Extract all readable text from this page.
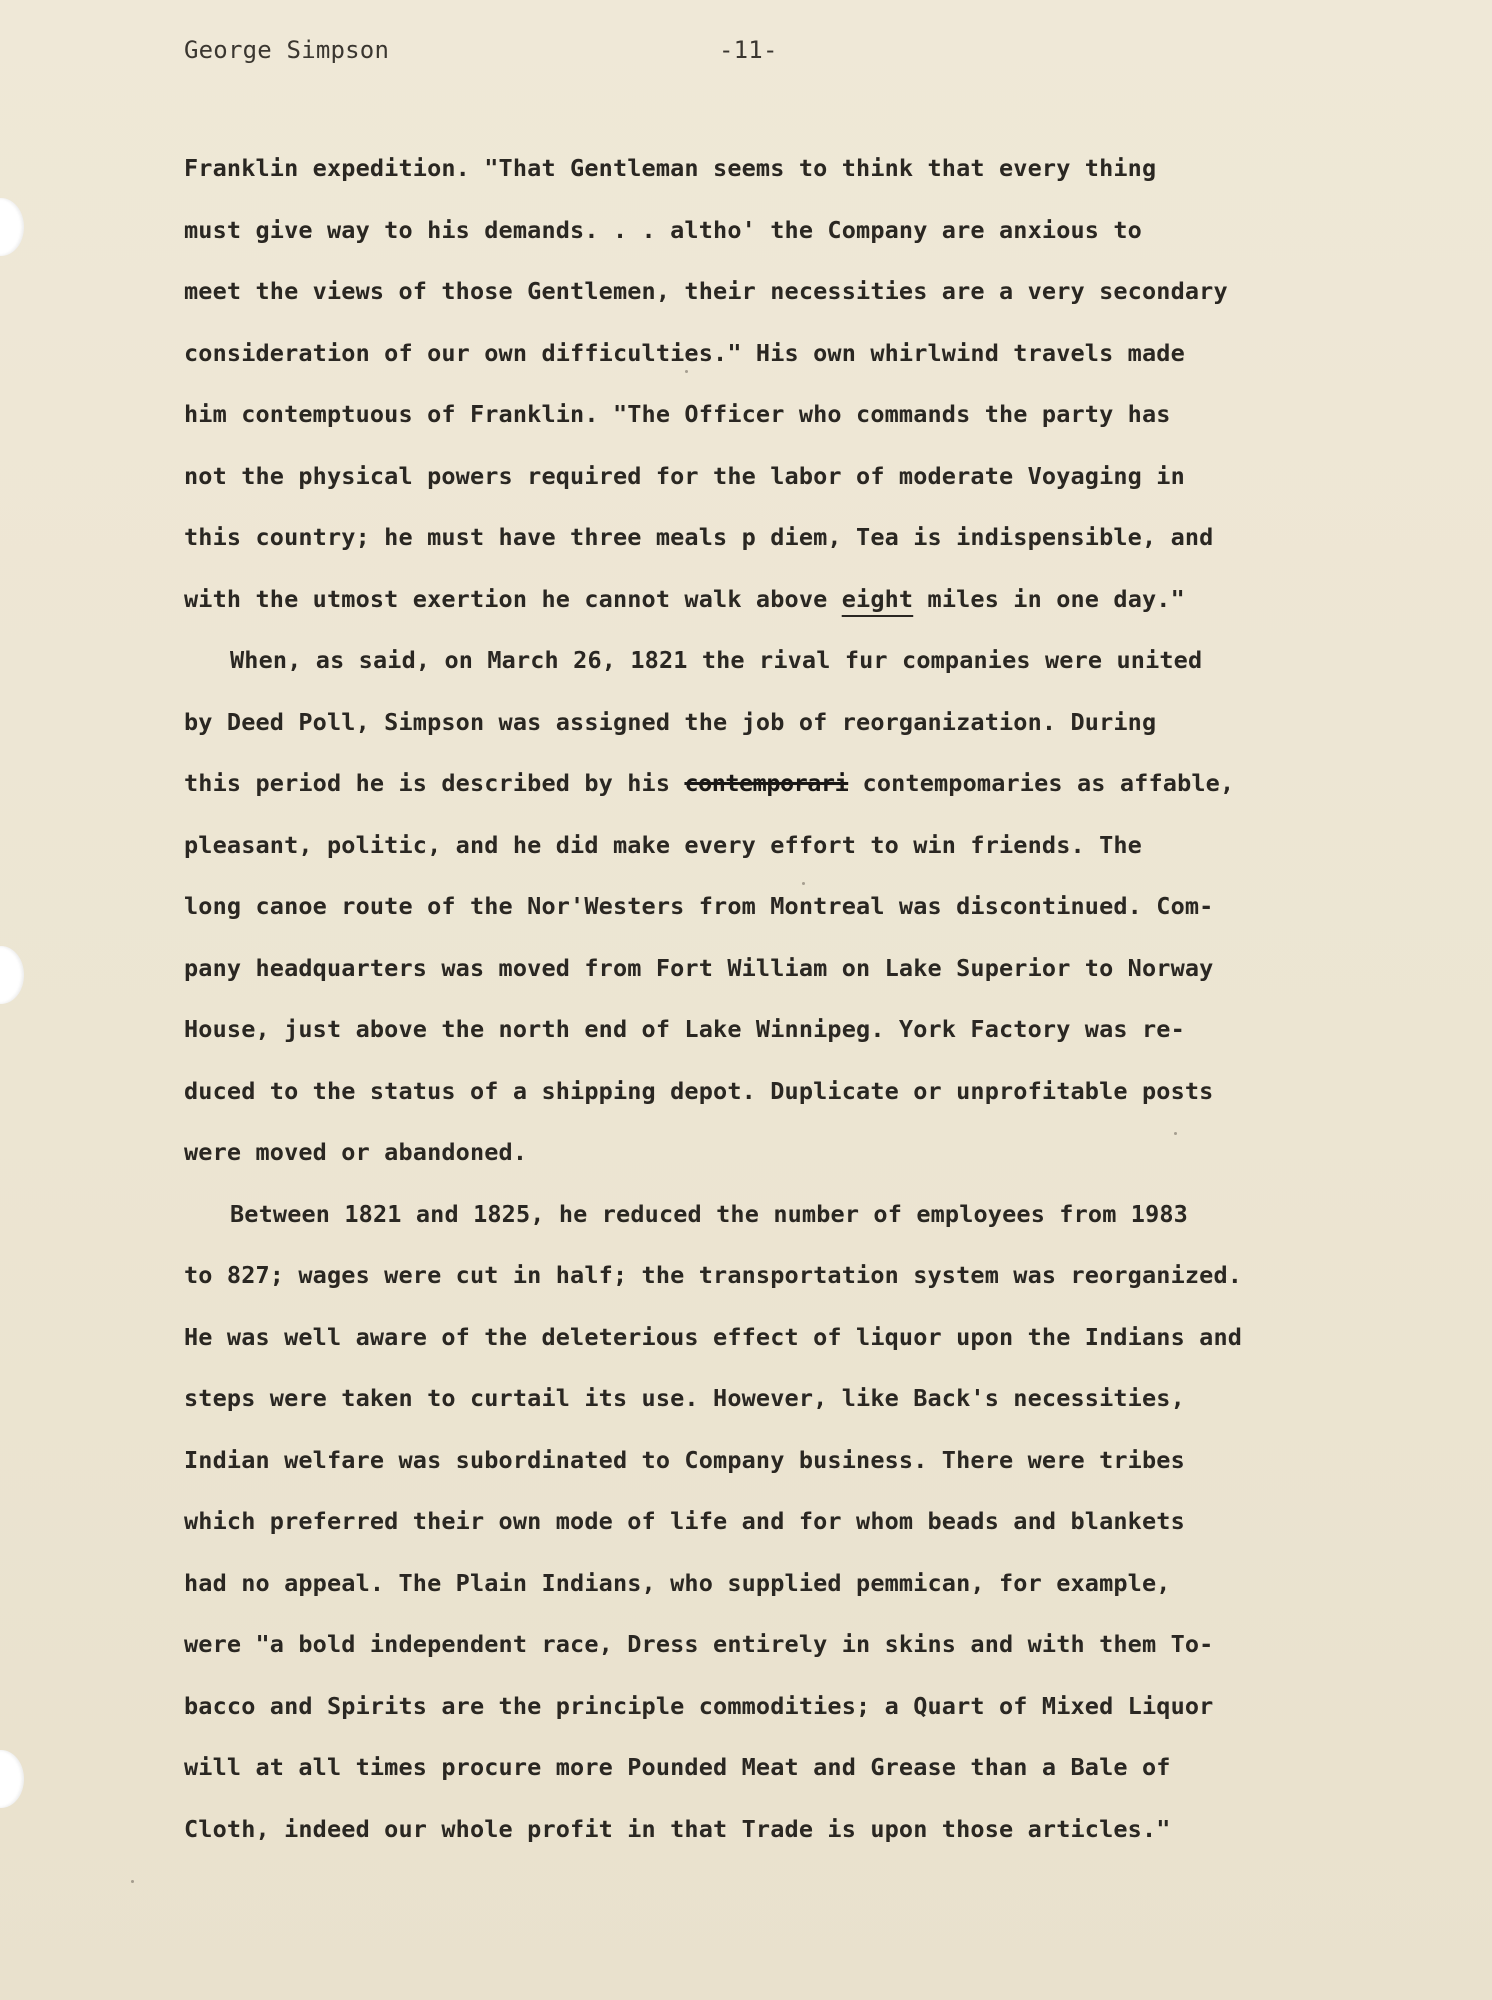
George Simpson	-11-
Franklin expedition. "That Gentleman seems to think that every thing
must give way to his demands. . . altho' the Company are anxious to
meet the views of those Gentlemen, their necessities are a very secondary
consideration of our own difficulties." His own whirlwind travels made
him contemptuous of Franklin. "The Officer who commands the party has
not the physical powers required for the labor of moderate Voyaging in
this country; he must have three meals p diem, Tea is indispensible, and
with the utmost exertion he cannot walk above eight miles in one day."
When, as said, on March 26, 1821 the rival fur companies were united
by Deed Poll, Simpson was assigned the job of reorganization. During
this period he is described by his contemporari contempomaries as affable,
pleasant, politic, and he did make every effort to win friends. The
long canoe route of the Nor'Westers from Montreal was discontinued. Com-
pany headquarters was moved from Fort William on Lake Superior to Norway
House, just above the north end of Lake Winnipeg. York Factory was re-
duced to the status of a shipping depot. Duplicate or unprofitable posts
were moved or abandoned.
Between 1821 and 1825, he reduced the number of employees from 1983
to 827; wages were cut in half; the transportation system was reorganized.
He was well aware of the deleterious effect of liquor upon the Indians and
steps were taken to curtail its use. However, like Back's necessities,
Indian welfare was subordinated to Company business. There were tribes
which preferred their own mode of life and for whom beads and blankets
had no appeal. The Plain Indians, who supplied pemmican, for example,
were "a bold independent race, Dress entirely in skins and with them To-
bacco and Spirits are the principle commodities; a Quart of Mixed Liquor
will at all times procure more Pounded Meat and Grease than a Bale of
Cloth, indeed our whole profit in that Trade is upon those articles."
